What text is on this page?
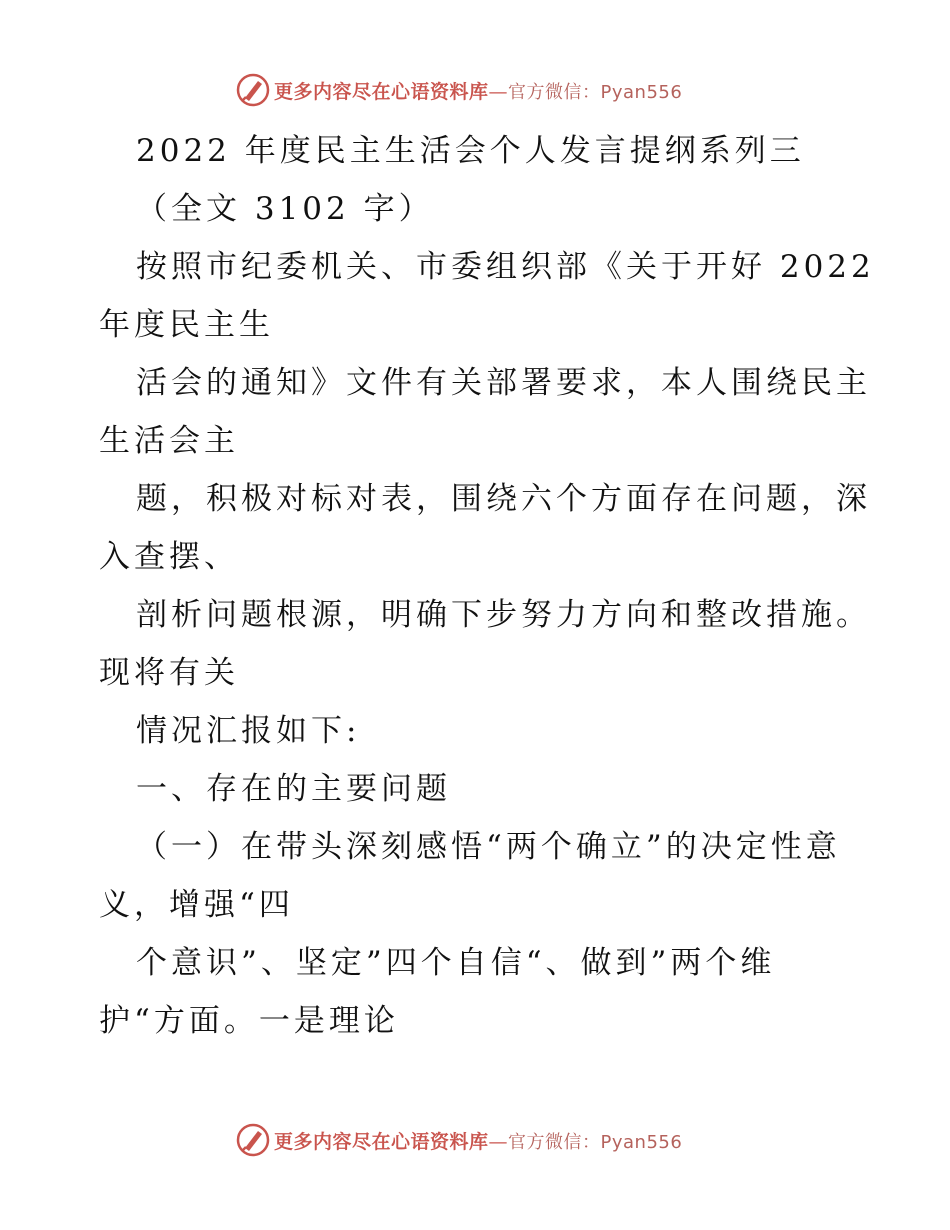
更多内容尽在心语资料库—官方微信：Pyan556
2022 年度民主生活会个人发言提纲系列三
（全文 3102 字）
按照市纪委机关、市委组织部《关于开好 2022
年度民主生
活会的通知》文件有关部署要求，本人围绕民主
生活会主
题，积极对标对表，围绕六个方面存在问题，深
入查摆、
剖析问题根源，明确下步努力方向和整改措施。
现将有关
情况汇报如下:
一、存在的主要问题
（一）在带头深刻感悟“两个确立”的决定性意
义，增强“四
个意识”、坚定”四个自信“、做到”两个维
护“方面。一是理论
更多内容尽在心语资料库—官方微信：Pyan556
